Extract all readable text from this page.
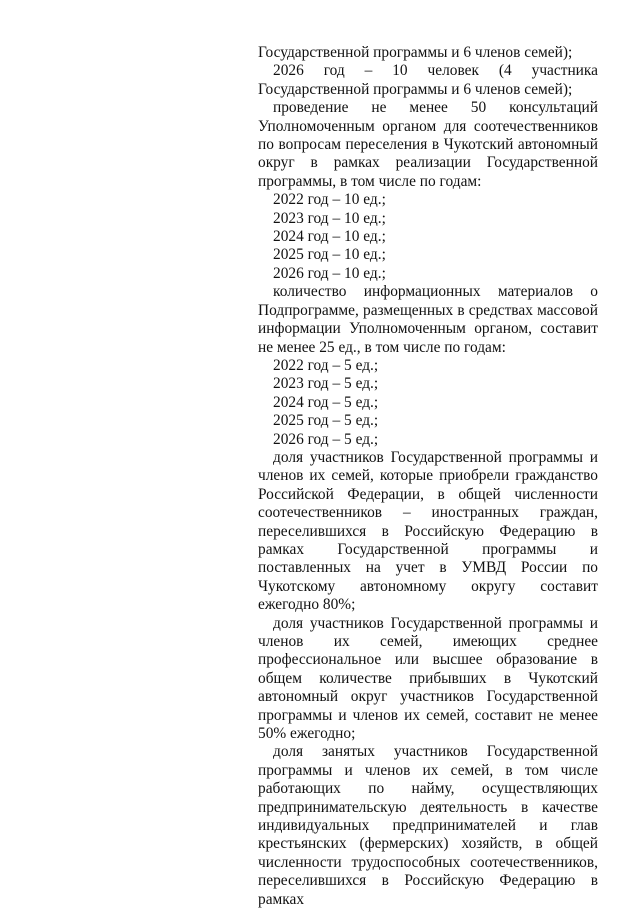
Государственной программы и 6 членов семей);

2026 год – 10 человек (4 участника Государственной программы и 6 членов семей);

проведение не менее 50 консультаций Уполномоченным органом для соотечественников по вопросам переселения в Чукотский автономный округ в рамках реализации Государственной программы, в том числе по годам:

2022 год – 10 ед.;

2023 год – 10 ед.;

2024 год – 10 ед.;

2025 год – 10 ед.;

2026 год – 10 ед.;

количество информационных материалов о Подпрограмме, размещенных в средствах массовой информации Уполномоченным органом, составит не менее 25 ед., в том числе по годам:

2022 год – 5 ед.;

2023 год – 5 ед.;

2024 год – 5 ед.;

2025 год – 5 ед.;

2026 год – 5 ед.;

доля участников Государственной программы и членов их семей, которые приобрели гражданство Российской Федерации, в общей численности соотечественников – иностранных граждан, переселившихся в Российскую Федерацию в рамках Государственной программы и поставленных на учет в УМВД России по Чукотскому автономному округу составит ежегодно 80%;

доля участников Государственной программы и членов их семей, имеющих среднее профессиональное или высшее образование в общем количестве прибывших в Чукотский автономный округ участников Государственной программы и членов их семей, составит не менее 50% ежегодно;

доля занятых участников Государственной программы и членов их семей, в том числе работающих по найму, осуществляющих предпринимательскую деятельность в качестве индивидуальных предпринимателей и глав крестьянских (фермерских) хозяйств, в общей численности трудоспособных соотечественников, переселившихся в Российскую Федерацию в рамках
